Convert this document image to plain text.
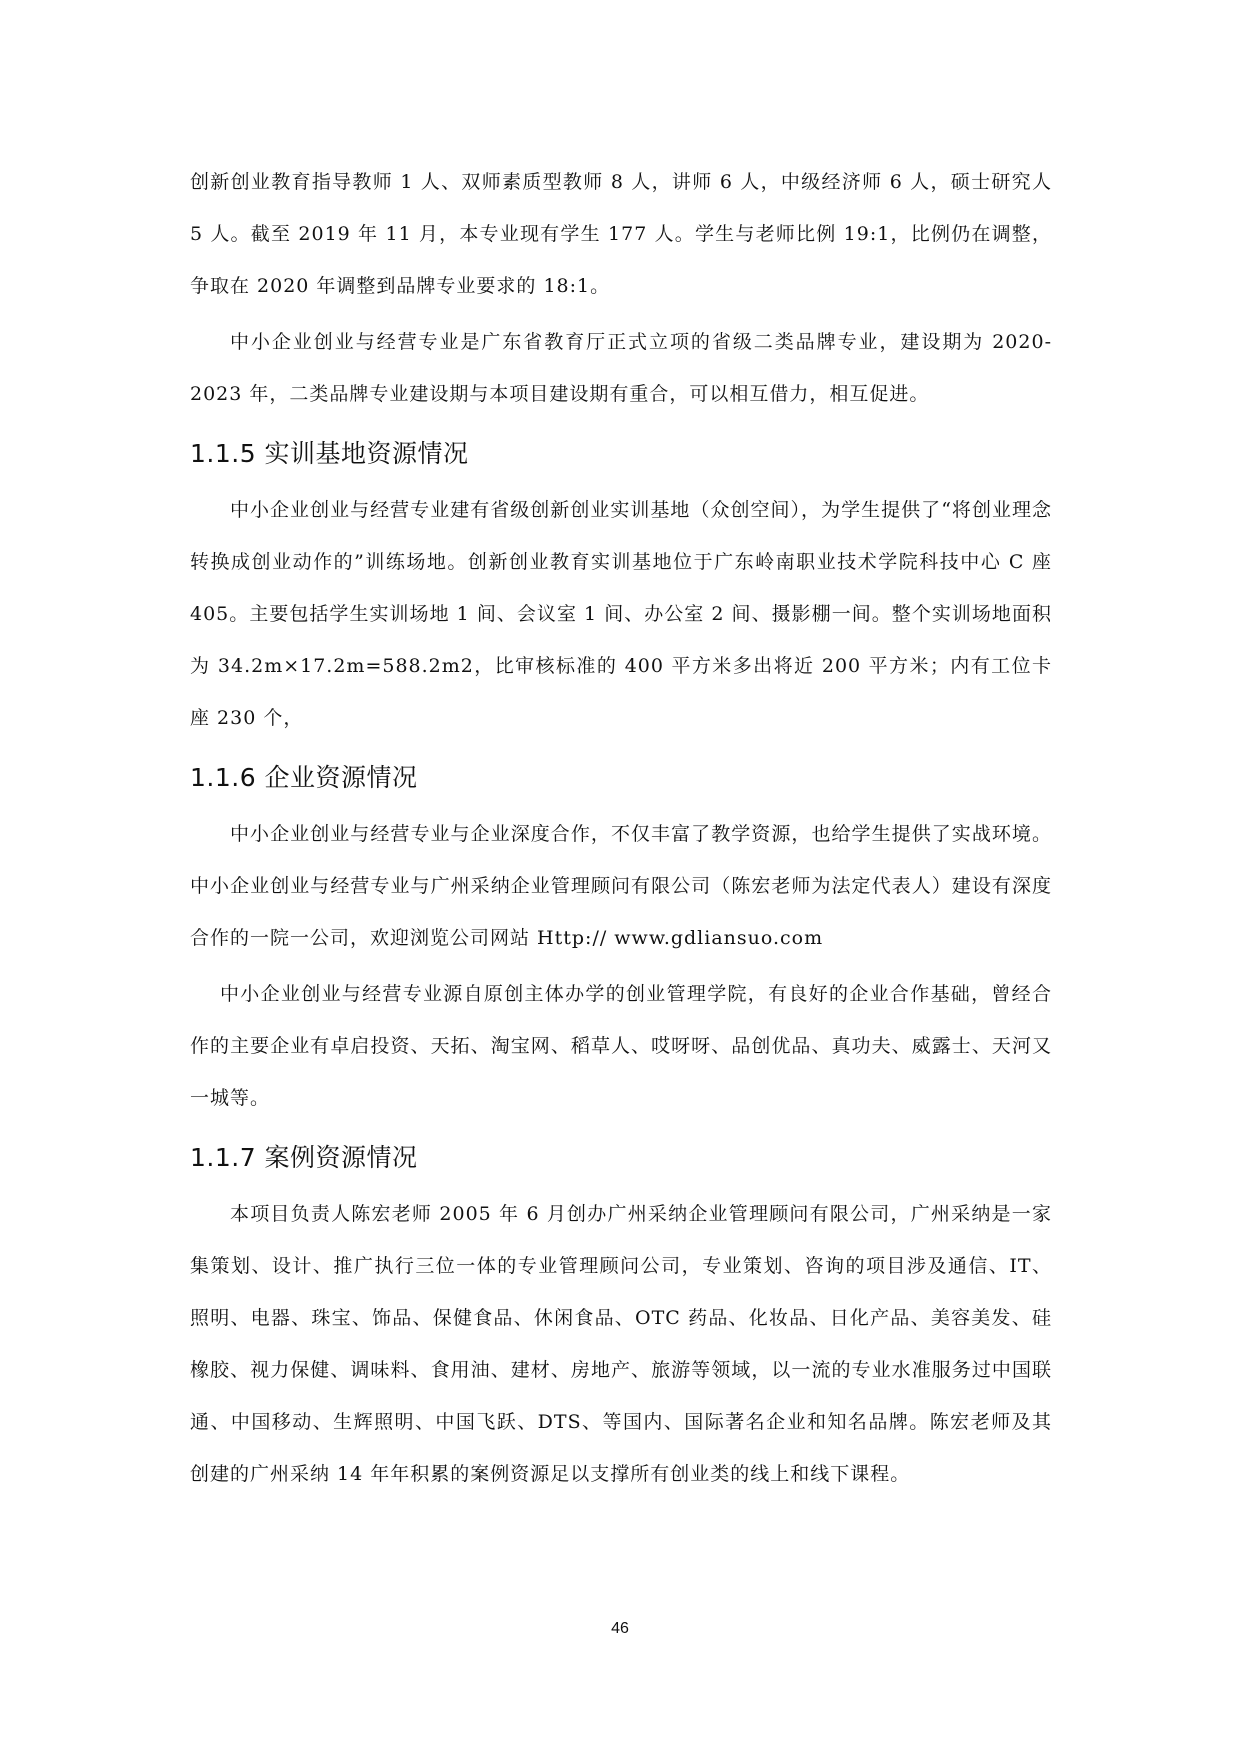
创新创业教育指导教师 1 人、双师素质型教师 8 人，讲师 6 人，中级经济师 6 人，硕士研究人 5 人。截至 2019 年 11 月，本专业现有学生 177 人。学生与老师比例 19:1，比例仍在调整，争取在 2020 年调整到品牌专业要求的 18:1。

中小企业创业与经营专业是广东省教育厅正式立项的省级二类品牌专业，建设期为 2020-2023 年，二类品牌专业建设期与本项目建设期有重合，可以相互借力，相互促进。

1.1.5 实训基地资源情况

中小企业创业与经营专业建有省级创新创业实训基地（众创空间），为学生提供了“将创业理念转换成创业动作的”训练场地。创新创业教育实训基地位于广东岭南职业技术学院科技中心 C 座 405。主要包括学生实训场地 1 间、会议室 1 间、办公室 2 间、摄影棚一间。整个实训场地面积为 34.2m×17.2m=588.2m2，比审核标准的 400 平方米多出将近 200 平方米；内有工位卡座 230 个，

1.1.6 企业资源情况

中小企业创业与经营专业与企业深度合作，不仅丰富了教学资源，也给学生提供了实战环境。中小企业创业与经营专业与广州采纳企业管理顾问有限公司（陈宏老师为法定代表人）建设有深度合作的一院一公司，欢迎浏览公司网站 Http:// www.gdliansuo.com

中小企业创业与经营专业源自原创主体办学的创业管理学院，有良好的企业合作基础，曾经合作的主要企业有卓启投资、天拓、淘宝网、稻草人、哎呀呀、品创优品、真功夫、威露士、天河又一城等。

1.1.7 案例资源情况

本项目负责人陈宏老师 2005 年 6 月创办广州采纳企业管理顾问有限公司，广州采纳是一家集策划、设计、推广执行三位一体的专业管理顾问公司，专业策划、咨询的项目涉及通信、IT、照明、电器、珠宝、饰品、保健食品、休闲食品、OTC 药品、化妆品、日化产品、美容美发、硅橡胶、视力保健、调味料、食用油、建材、房地产、旅游等领域，以一流的专业水准服务过中国联通、中国移动、生辉照明、中国飞跃、DTS、等国内、国际著名企业和知名品牌。陈宏老师及其创建的广州采纳 14 年年积累的案例资源足以支撑所有创业类的线上和线下课程。

46
